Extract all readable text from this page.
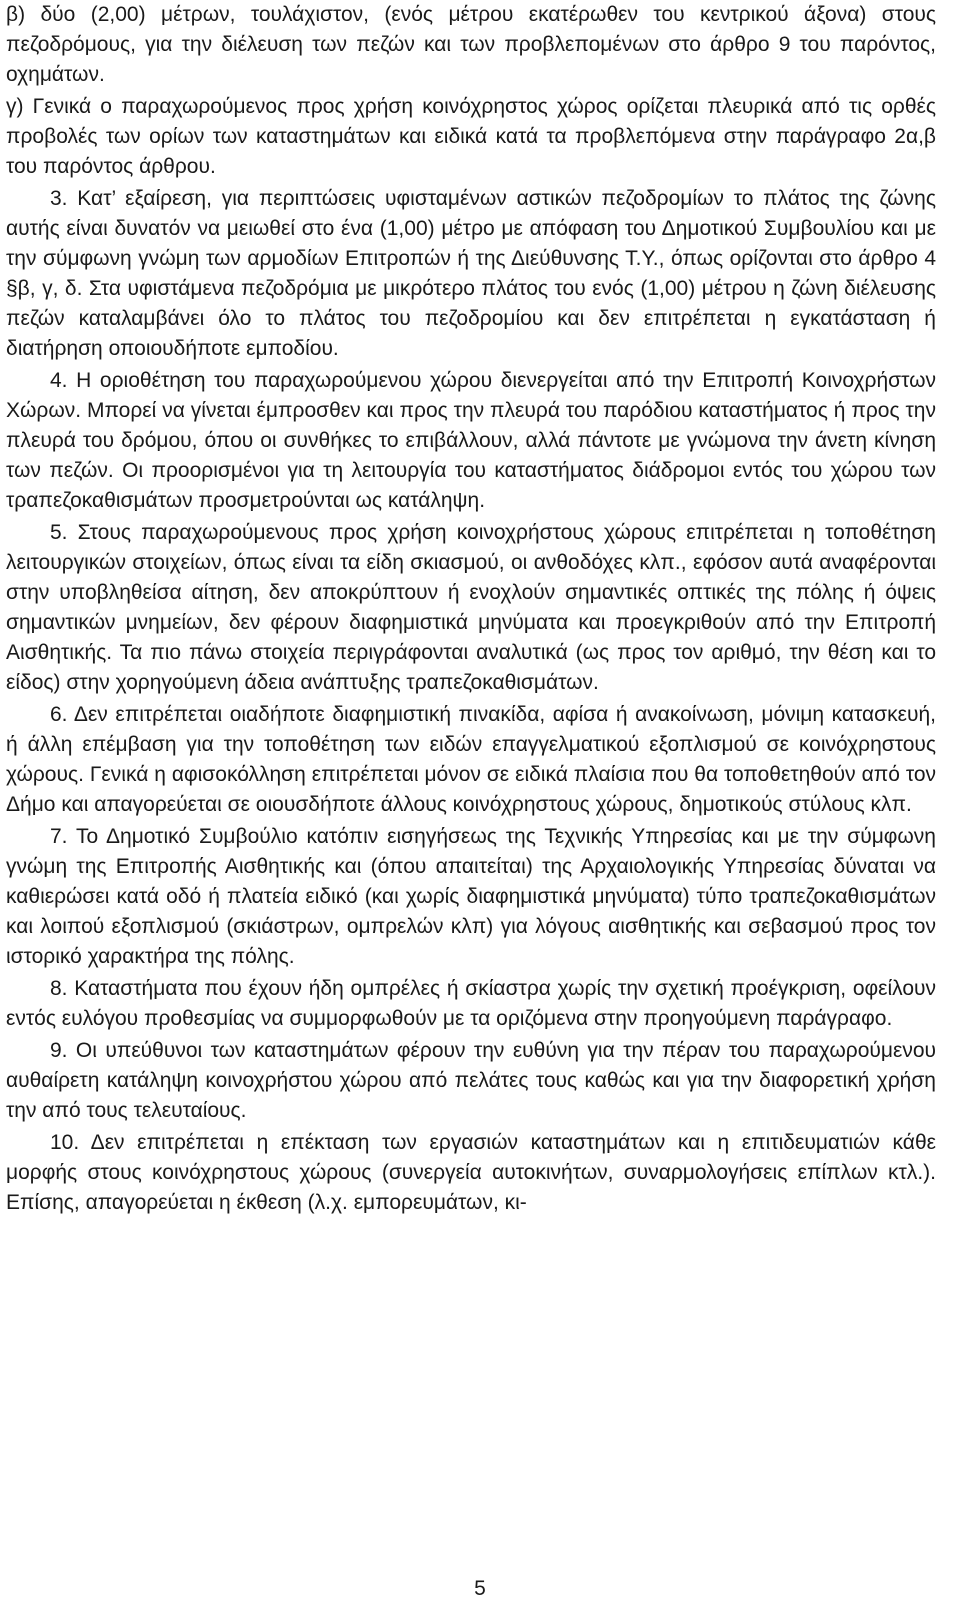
β) δύο (2,00) μέτρων, τουλάχιστον, (ενός μέτρου εκατέρωθεν του κεντρικού άξονα) στους πεζοδρόμους, για την διέλευση των πεζών και των προβλεπομένων στο άρθρο 9 του παρόντος, οχημάτων.

γ) Γενικά ο παραχωρούμενος προς χρήση κοινόχρηστος χώρος ορίζεται πλευρικά από τις ορθές προβολές των ορίων των καταστημάτων και ειδικά κατά τα προβλεπόμενα στην παράγραφο 2α,β του παρόντος άρθρου.

3. Κατ’ εξαίρεση, για περιπτώσεις υφισταμένων αστικών πεζοδρομίων το πλάτος της ζώνης αυτής είναι δυνατόν να μειωθεί στο ένα (1,00) μέτρο με απόφαση του Δημοτικού Συμβουλίου και με την σύμφωνη γνώμη των αρμοδίων Επιτροπών ή της Διεύθυνσης Τ.Υ., όπως ορίζονται στο άρθρο 4 §β, γ, δ. Στα υφιστάμενα πεζοδρόμια με μικρότερο πλάτος του ενός (1,00) μέτρου η ζώνη διέλευσης πεζών καταλαμβάνει όλο το πλάτος του πεζοδρομίου και δεν επιτρέπεται η εγκατάσταση ή διατήρηση οποιουδήποτε εμποδίου.

4. Η οριοθέτηση του παραχωρούμενου χώρου διενεργείται από την Επιτροπή Κοινοχρήστων Χώρων. Μπορεί να γίνεται έμπροσθεν και προς την πλευρά του παρόδιου καταστήματος ή προς την πλευρά του δρόμου, όπου οι συνθήκες το επιβάλλουν, αλλά πάντοτε με γνώμονα την άνετη κίνηση των πεζών. Οι προορισμένοι για τη λειτουργία του καταστήματος διάδρομοι εντός του χώρου των τραπεζοκαθισμάτων προσμετρούνται ως κατάληψη.

5. Στους παραχωρούμενους προς χρήση κοινοχρήστους χώρους επιτρέπεται η τοποθέτηση λειτουργικών στοιχείων, όπως είναι τα είδη σκιασμού, οι ανθοδόχες κλπ., εφόσον αυτά αναφέρονται στην υποβληθείσα αίτηση, δεν αποκρύπτουν ή ενοχλούν σημαντικές οπτικές της πόλης ή όψεις σημαντικών μνημείων, δεν φέρουν διαφημιστικά μηνύματα και προεγκριθούν από την Επιτροπή Αισθητικής. Τα πιο πάνω στοιχεία περιγράφονται αναλυτικά (ως προς τον αριθμό, την θέση και το είδος) στην χορηγούμενη άδεια ανάπτυξης τραπεζοκαθισμάτων.

6. Δεν επιτρέπεται οιαδήποτε διαφημιστική πινακίδα, αφίσα ή ανακοίνωση, μόνιμη κατασκευή, ή άλλη επέμβαση για την τοποθέτηση των ειδών επαγγελματικού εξοπλισμού σε κοινόχρηστους χώρους. Γενικά η αφισοκόλληση επιτρέπεται μόνον σε ειδικά πλαίσια που θα τοποθετηθούν από τον Δήμο και απαγορεύεται σε οιουσδήποτε άλλους κοινόχρηστους χώρους, δημοτικούς στύλους κλπ.

7. Το Δημοτικό Συμβούλιο κατόπιν εισηγήσεως της Τεχνικής Υπηρεσίας και με την σύμφωνη γνώμη της Επιτροπής Αισθητικής και (όπου απαιτείται) της Αρχαιολογικής Υπηρεσίας δύναται να καθιερώσει κατά οδό ή πλατεία ειδικό (και χωρίς διαφημιστικά μηνύματα) τύπο τραπεζοκαθισμάτων και λοιπού εξοπλισμού (σκιάστρων, ομπρελών κλπ) για λόγους αισθητικής και σεβασμού προς τον ιστορικό χαρακτήρα της πόλης.

8. Καταστήματα που έχουν ήδη ομπρέλες ή σκίαστρα χωρίς την σχετική προέγκριση, οφείλουν εντός ευλόγου προθεσμίας να συμμορφωθούν με τα οριζόμενα στην προηγούμενη παράγραφο.

9. Οι υπεύθυνοι των καταστημάτων φέρουν την ευθύνη για την πέραν του παραχωρούμενου αυθαίρετη κατάληψη κοινοχρήστου χώρου από πελάτες τους καθώς και για την διαφορετική χρήση την από τους τελευταίους.

10. Δεν επιτρέπεται η επέκταση των εργασιών καταστημάτων και η επιτιδευματιών κάθε μορφής στους κοινόχρηστους χώρους (συνεργεία αυτοκινήτων, συναρμολογήσεις επίπλων κτλ.). Επίσης, απαγορεύεται η έκθεση (λ.χ. εμπορευμάτων, κι-

5
